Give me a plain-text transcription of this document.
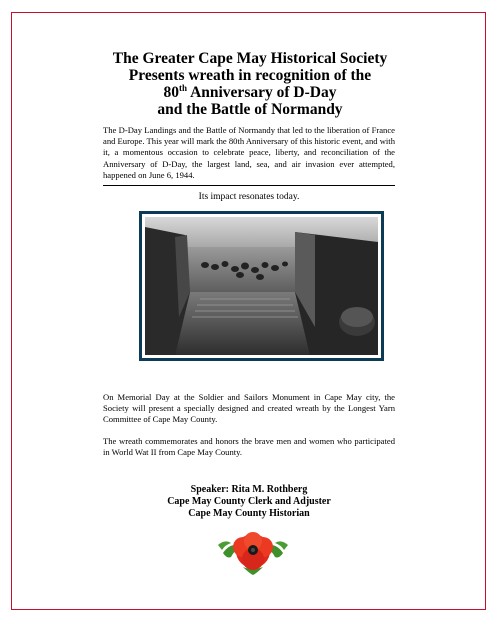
The Greater Cape May Historical Society
Presents wreath in recognition of the
80th Anniversary of D-Day
and the Battle of Normandy
The D-Day Landings and the Battle of Normandy that led to the liberation of France and Europe. This year will mark the 80th Anniversary of this historic event, and with it, a momentous occasion to celebrate peace, liberty, and reconciliation of the Anniversary of D-Day, the largest land, sea, and air invasion ever attempted, happened on June 6, 1944.
Its impact resonates today.
On Memorial Day at the Soldier and Sailors Monument in Cape May city, the Society will present a specially designed and created wreath by the Longest Yarn Committee of Cape May County.
The wreath commemorates and honors the brave men and women who participated in World Wat II from Cape May County.
Speaker: Rita M. Rothberg
Cape May County Clerk and Adjuster
Cape May County Historian
